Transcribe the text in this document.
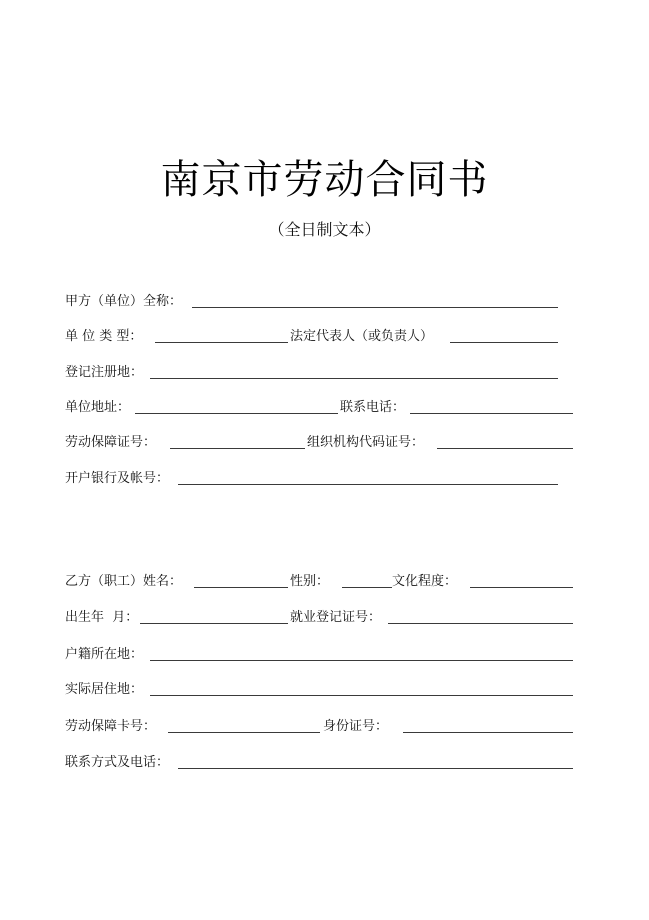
南京市劳动合同书
（全日制文本）
甲方（单位）全称：
单 位 类 型：	法定代表人（或负责人）
登记注册地：
单位地址：	联系电话：
劳动保障证号：	组织机构代码证号：
开户银行及帐号：
乙方（职工）姓名：	性别：	文化程度：
出生年  月：	就业登记证号：
户籍所在地：
实际居住地：
劳动保障卡号：	身份证号：
联系方式及电话：
